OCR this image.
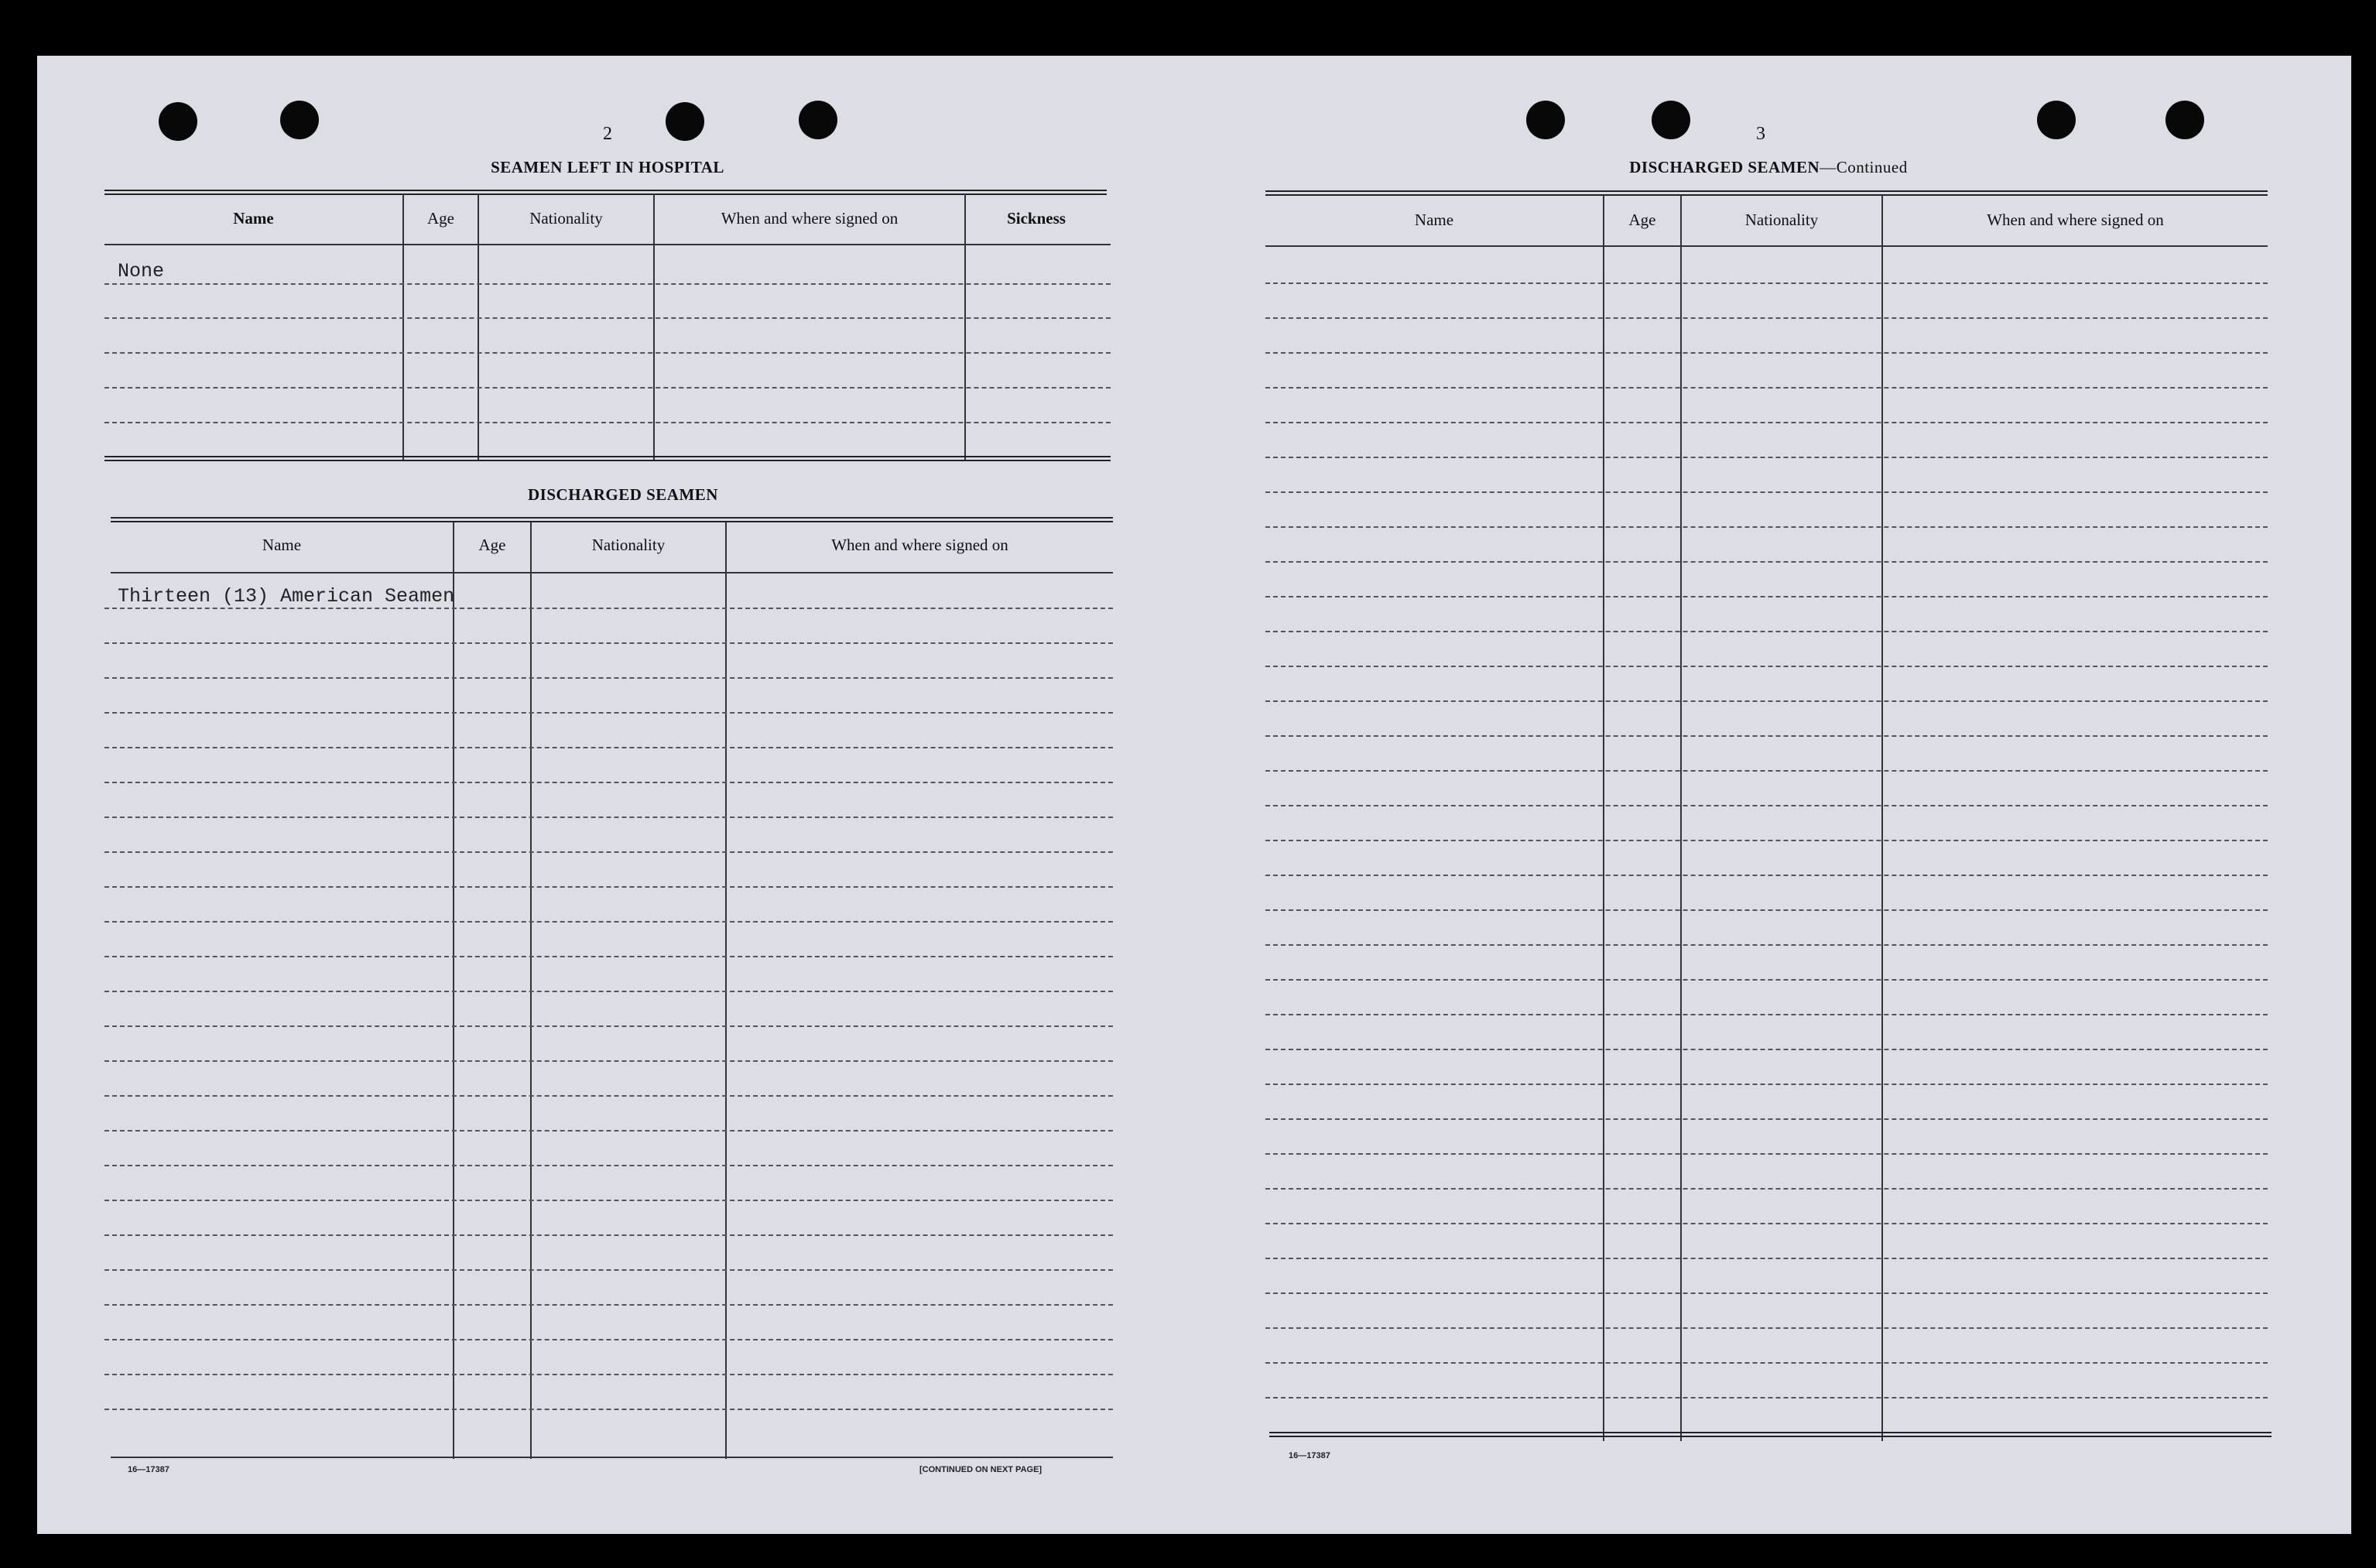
2
SEAMEN LEFT IN HOSPITAL
Name	Age	Nationality	When and where signed on	Sickness
None
DISCHARGED SEAMEN
Name	Age	Nationality	When and where signed on
Thirteen (13) American Seamen
16—17387	[CONTINUED ON NEXT PAGE]
3
DISCHARGED SEAMEN—Continued
Name	Age	Nationality	When and where signed on
16—17387
